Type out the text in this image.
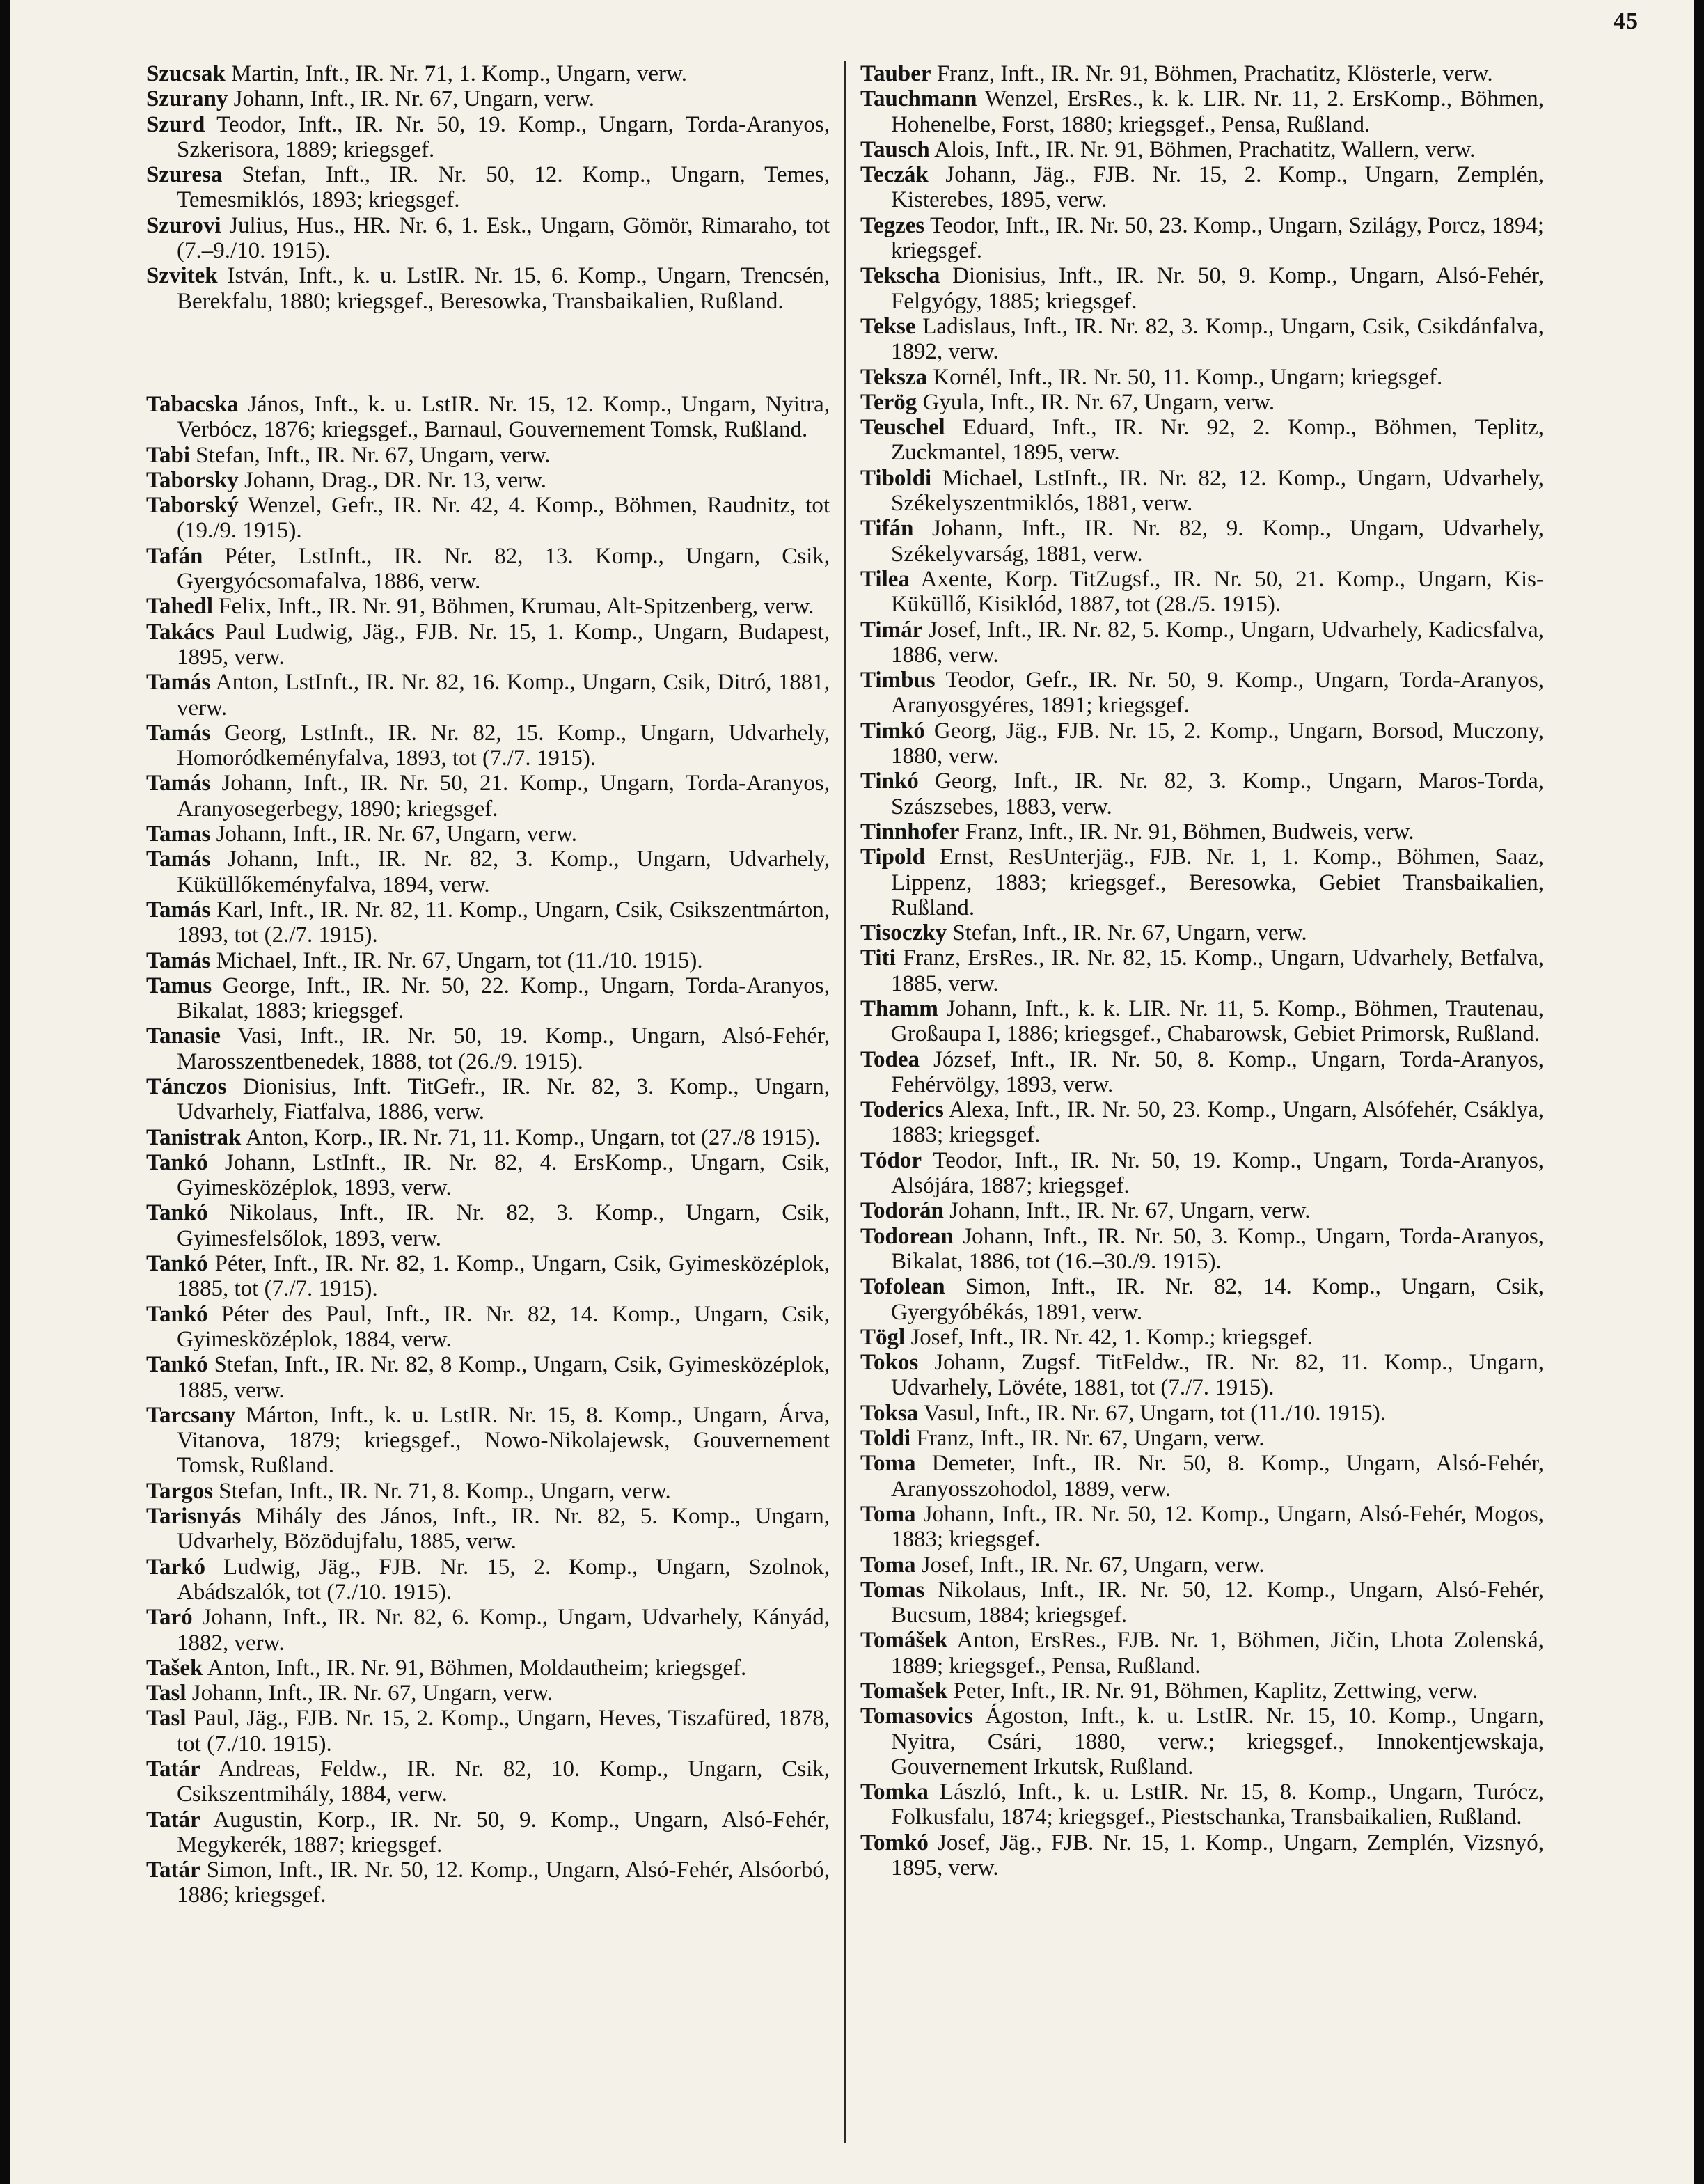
45

Szucsak Martin, Inft., IR. Nr. 71, 1. Komp., Ungarn, verw.

Szurany Johann, Inft., IR. Nr. 67, Ungarn, verw.

Szurd Teodor, Inft., IR. Nr. 50, 19. Komp., Ungarn, Torda-Aranyos, Szkerisora, 1889; kriegsgef.

Szuresa Stefan, Inft., IR. Nr. 50, 12. Komp., Ungarn, Temes, Temesmiklós, 1893; kriegsgef.

Szurovi Julius, Hus., HR. Nr. 6, 1. Esk., Ungarn, Gömör, Rimaraho, tot (7.–9./10. 1915).

Szvitek István, Inft., k. u. LstIR. Nr. 15, 6. Komp., Ungarn, Trencsén, Berekfalu, 1880; kriegsgef., Beresowka, Transbaikalien, Rußland.

Tabacska János, Inft., k. u. LstIR. Nr. 15, 12. Komp., Ungarn, Nyitra, Verbócz, 1876; kriegsgef., Barnaul, Gouvernement Tomsk, Rußland.

Tabi Stefan, Inft., IR. Nr. 67, Ungarn, verw.

Taborsky Johann, Drag., DR. Nr. 13, verw.

Taborský Wenzel, Gefr., IR. Nr. 42, 4. Komp., Böhmen, Raudnitz, tot (19./9. 1915).

Tafán Péter, LstInft., IR. Nr. 82, 13. Komp., Ungarn, Csik, Gyergyócsomafalva, 1886, verw.

Tahedl Felix, Inft., IR. Nr. 91, Böhmen, Krumau, Alt-Spitzenberg, verw.

Takács Paul Ludwig, Jäg., FJB. Nr. 15, 1. Komp., Ungarn, Budapest, 1895, verw.

Tamás Anton, LstInft., IR. Nr. 82, 16. Komp., Ungarn, Csik, Ditró, 1881, verw.

Tamás Georg, LstInft., IR. Nr. 82, 15. Komp., Ungarn, Udvarhely, Homoródkeményfalva, 1893, tot (7./7. 1915).

Tamás Johann, Inft., IR. Nr. 50, 21. Komp., Ungarn, Torda-Aranyos, Aranyosegerbegy, 1890; kriegsgef.

Tamas Johann, Inft., IR. Nr. 67, Ungarn, verw.

Tamás Johann, Inft., IR. Nr. 82, 3. Komp., Ungarn, Udvarhely, Küküllőkeményfalva, 1894, verw.

Tamás Karl, Inft., IR. Nr. 82, 11. Komp., Ungarn, Csik, Csikszentmárton, 1893, tot (2./7. 1915).

Tamás Michael, Inft., IR. Nr. 67, Ungarn, tot (11./10. 1915).

Tamus George, Inft., IR. Nr. 50, 22. Komp., Ungarn, Torda-Aranyos, Bikalat, 1883; kriegsgef.

Tanasie Vasi, Inft., IR. Nr. 50, 19. Komp., Ungarn, Alsó-Fehér, Marosszentbenedek, 1888, tot (26./9. 1915).

Tánczos Dionisius, Inft. TitGefr., IR. Nr. 82, 3. Komp., Ungarn, Udvarhely, Fiatfalva, 1886, verw.

Tanistrak Anton, Korp., IR. Nr. 71, 11. Komp., Ungarn, tot (27./8 1915).

Tankó Johann, LstInft., IR. Nr. 82, 4. ErsKomp., Ungarn, Csik, Gyimesközéplok, 1893, verw.

Tankó Nikolaus, Inft., IR. Nr. 82, 3. Komp., Ungarn, Csik, Gyimesfelsőlok, 1893, verw.

Tankó Péter, Inft., IR. Nr. 82, 1. Komp., Ungarn, Csik, Gyimesközéplok, 1885, tot (7./7. 1915).

Tankó Péter des Paul, Inft., IR. Nr. 82, 14. Komp., Ungarn, Csik, Gyimesközéplok, 1884, verw.

Tankó Stefan, Inft., IR. Nr. 82, 8 Komp., Ungarn, Csik, Gyimesközéplok, 1885, verw.

Tarcsany Márton, Inft., k. u. LstIR. Nr. 15, 8. Komp., Ungarn, Árva, Vitanova, 1879; kriegsgef., Nowo-Nikolajewsk, Gouvernement Tomsk, Rußland.

Targos Stefan, Inft., IR. Nr. 71, 8. Komp., Ungarn, verw.

Tarisnyás Mihály des János, Inft., IR. Nr. 82, 5. Komp., Ungarn, Udvarhely, Bözödujfalu, 1885, verw.

Tarkó Ludwig, Jäg., FJB. Nr. 15, 2. Komp., Ungarn, Szolnok, Abádszalók, tot (7./10. 1915).

Taró Johann, Inft., IR. Nr. 82, 6. Komp., Ungarn, Udvarhely, Kányád, 1882, verw.

Tašek Anton, Inft., IR. Nr. 91, Böhmen, Moldautheim; kriegsgef.

Tasl Johann, Inft., IR. Nr. 67, Ungarn, verw.

Tasl Paul, Jäg., FJB. Nr. 15, 2. Komp., Ungarn, Heves, Tiszafüred, 1878, tot (7./10. 1915).

Tatár Andreas, Feldw., IR. Nr. 82, 10. Komp., Ungarn, Csik, Csikszentmihály, 1884, verw.

Tatár Augustin, Korp., IR. Nr. 50, 9. Komp., Ungarn, Alsó-Fehér, Megykerék, 1887; kriegsgef.

Tatár Simon, Inft., IR. Nr. 50, 12. Komp., Ungarn, Alsó-Fehér, Alsóorbó, 1886; kriegsgef.

Tauber Franz, Inft., IR. Nr. 91, Böhmen, Prachatitz, Klösterle, verw.

Tauchmann Wenzel, ErsRes., k. k. LIR. Nr. 11, 2. ErsKomp., Böhmen, Hohenelbe, Forst, 1880; kriegsgef., Pensa, Rußland.

Tausch Alois, Inft., IR. Nr. 91, Böhmen, Prachatitz, Wallern, verw.

Teczák Johann, Jäg., FJB. Nr. 15, 2. Komp., Ungarn, Zemplén, Kisterebes, 1895, verw.

Tegzes Teodor, Inft., IR. Nr. 50, 23. Komp., Ungarn, Szilágy, Porcz, 1894; kriegsgef.

Tekscha Dionisius, Inft., IR. Nr. 50, 9. Komp., Ungarn, Alsó-Fehér, Felgyógy, 1885; kriegsgef.

Tekse Ladislaus, Inft., IR. Nr. 82, 3. Komp., Ungarn, Csik, Csikdánfalva, 1892, verw.

Teksza Kornél, Inft., IR. Nr. 50, 11. Komp., Ungarn; kriegsgef.

Terög Gyula, Inft., IR. Nr. 67, Ungarn, verw.

Teuschel Eduard, Inft., IR. Nr. 92, 2. Komp., Böhmen, Teplitz, Zuckmantel, 1895, verw.

Tiboldi Michael, LstInft., IR. Nr. 82, 12. Komp., Ungarn, Udvarhely, Székelyszentmiklós, 1881, verw.

Tifán Johann, Inft., IR. Nr. 82, 9. Komp., Ungarn, Udvarhely, Székelyvarság, 1881, verw.

Tilea Axente, Korp. TitZugsf., IR. Nr. 50, 21. Komp., Ungarn, Kis-Küküllő, Kisiklód, 1887, tot (28./5. 1915).

Timár Josef, Inft., IR. Nr. 82, 5. Komp., Ungarn, Udvarhely, Kadicsfalva, 1886, verw.

Timbus Teodor, Gefr., IR. Nr. 50, 9. Komp., Ungarn, Torda-Aranyos, Aranyosgyéres, 1891; kriegsgef.

Timkó Georg, Jäg., FJB. Nr. 15, 2. Komp., Ungarn, Borsod, Muczony, 1880, verw.

Tinkó Georg, Inft., IR. Nr. 82, 3. Komp., Ungarn, Maros-Torda, Szászsebes, 1883, verw.

Tinnhofer Franz, Inft., IR. Nr. 91, Böhmen, Budweis, verw.

Tipold Ernst, ResUnterjäg., FJB. Nr. 1, 1. Komp., Böhmen, Saaz, Lippenz, 1883; kriegsgef., Beresowka, Gebiet Transbaikalien, Rußland.

Tisoczky Stefan, Inft., IR. Nr. 67, Ungarn, verw.

Titi Franz, ErsRes., IR. Nr. 82, 15. Komp., Ungarn, Udvarhely, Betfalva, 1885, verw.

Thamm Johann, Inft., k. k. LIR. Nr. 11, 5. Komp., Böhmen, Trautenau, Großaupa I, 1886; kriegsgef., Chabarowsk, Gebiet Primorsk, Rußland.

Todea József, Inft., IR. Nr. 50, 8. Komp., Ungarn, Torda-Aranyos, Fehérvölgy, 1893, verw.

Toderics Alexa, Inft., IR. Nr. 50, 23. Komp., Ungarn, Alsófehér, Csáklya, 1883; kriegsgef.

Tódor Teodor, Inft., IR. Nr. 50, 19. Komp., Ungarn, Torda-Aranyos, Alsójára, 1887; kriegsgef.

Todorán Johann, Inft., IR. Nr. 67, Ungarn, verw.

Todorean Johann, Inft., IR. Nr. 50, 3. Komp., Ungarn, Torda-Aranyos, Bikalat, 1886, tot (16.–30./9. 1915).

Tofolean Simon, Inft., IR. Nr. 82, 14. Komp., Ungarn, Csik, Gyergyóbékás, 1891, verw.

Tögl Josef, Inft., IR. Nr. 42, 1. Komp.; kriegsgef.

Tokos Johann, Zugsf. TitFeldw., IR. Nr. 82, 11. Komp., Ungarn, Udvarhely, Lövéte, 1881, tot (7./7. 1915).

Toksa Vasul, Inft., IR. Nr. 67, Ungarn, tot (11./10. 1915).

Toldi Franz, Inft., IR. Nr. 67, Ungarn, verw.

Toma Demeter, Inft., IR. Nr. 50, 8. Komp., Ungarn, Alsó-Fehér, Aranyosszohodol, 1889, verw.

Toma Johann, Inft., IR. Nr. 50, 12. Komp., Ungarn, Alsó-Fehér, Mogos, 1883; kriegsgef.

Toma Josef, Inft., IR. Nr. 67, Ungarn, verw.

Tomas Nikolaus, Inft., IR. Nr. 50, 12. Komp., Ungarn, Alsó-Fehér, Bucsum, 1884; kriegsgef.

Tomášek Anton, ErsRes., FJB. Nr. 1, Böhmen, Jičin, Lhota Zolenská, 1889; kriegsgef., Pensa, Rußland.

Tomašek Peter, Inft., IR. Nr. 91, Böhmen, Kaplitz, Zettwing, verw.

Tomasovics Ágoston, Inft., k. u. LstIR. Nr. 15, 10. Komp., Ungarn, Nyitra, Csári, 1880, verw.; kriegsgef., Innokentjewskaja, Gouvernement Irkutsk, Rußland.

Tomka László, Inft., k. u. LstIR. Nr. 15, 8. Komp., Ungarn, Turócz, Folkusfalu, 1874; kriegsgef., Piestschanka, Transbaikalien, Rußland.

Tomkó Josef, Jäg., FJB. Nr. 15, 1. Komp., Ungarn, Zemplén, Vizsnyó, 1895, verw.
